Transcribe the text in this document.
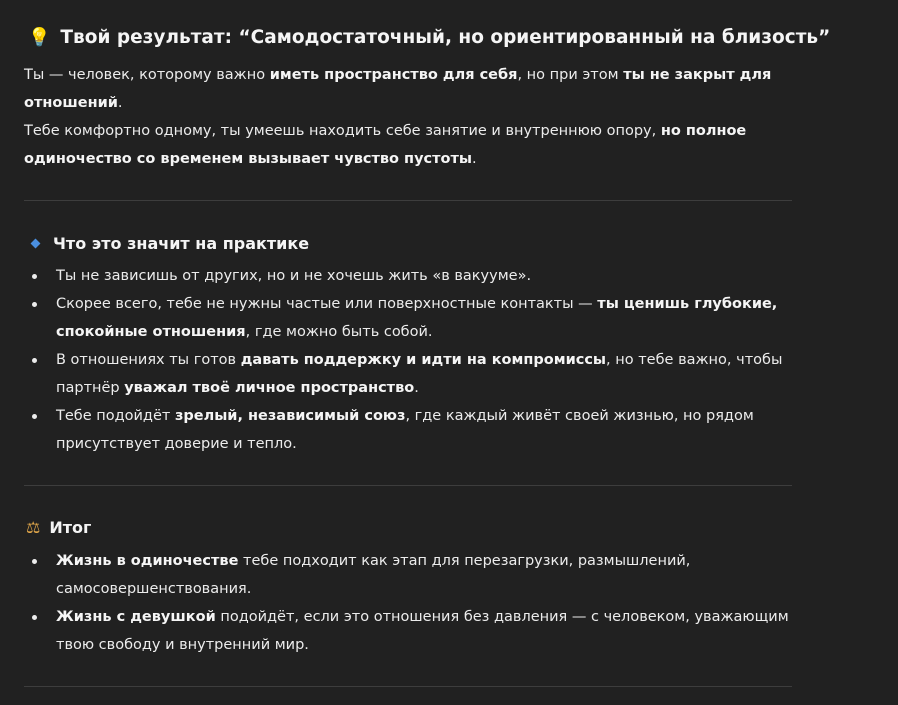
💡 Твой результат: “Самодостаточный, но ориентированный на близость”
Ты — человек, которому важно иметь пространство для себя, но при этом ты не закрыт для отношений.
Тебе комфортно одному, ты умеешь находить себе занятие и внутреннюю опору, но полное одиночество со временем вызывает чувство пустоты.
Что это значит на практике
Ты не зависишь от других, но и не хочешь жить «в вакууме».
Скорее всего, тебе не нужны частые или поверхностные контакты — ты ценишь глубокие, спокойные отношения, где можно быть собой.
В отношениях ты готов давать поддержку и идти на компромиссы, но тебе важно, чтобы партнёр уважал твоё личное пространство.
Тебе подойдёт зрелый, независимый союз, где каждый живёт своей жизнью, но рядом присутствует доверие и тепло.
⚖ Итог
Жизнь в одиночестве тебе подходит как этап для перезагрузки, размышлений, самосовершенствования.
Жизнь с девушкой подойдёт, если это отношения без давления — с человеком, уважающим твою свободу и внутренний мир.
